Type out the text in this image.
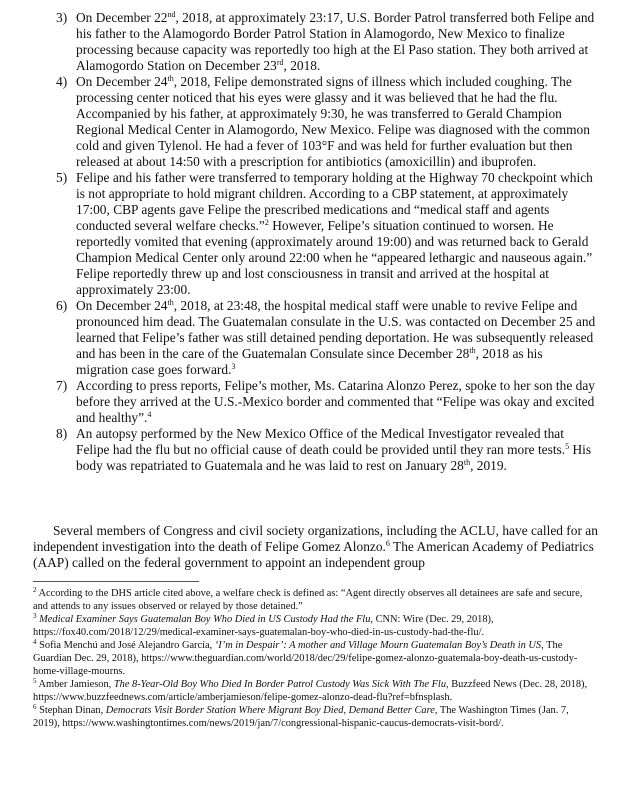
3) On December 22nd, 2018, at approximately 23:17, U.S. Border Patrol transferred both Felipe and his father to the Alamogordo Border Patrol Station in Alamogordo, New Mexico to finalize processing because capacity was reportedly too high at the El Paso station. They both arrived at Alamogordo Station on December 23rd, 2018.
4) On December 24th, 2018, Felipe demonstrated signs of illness which included coughing. The processing center noticed that his eyes were glassy and it was believed that he had the flu. Accompanied by his father, at approximately 9:30, he was transferred to Gerald Champion Regional Medical Center in Alamogordo, New Mexico. Felipe was diagnosed with the common cold and given Tylenol. He had a fever of 103°F and was held for further evaluation but then released at about 14:50 with a prescription for antibiotics (amoxicillin) and ibuprofen.
5) Felipe and his father were transferred to temporary holding at the Highway 70 checkpoint which is not appropriate to hold migrant children. According to a CBP statement, at approximately 17:00, CBP agents gave Felipe the prescribed medications and “medical staff and agents conducted several welfare checks.”$^2$ However, Felipe’s situation continued to worsen. He reportedly vomited that evening (approximately around 19:00) and was returned back to Gerald Champion Medical Center only around 22:00 when he “appeared lethargic and nauseous again.” Felipe reportedly threw up and lost consciousness in transit and arrived at the hospital at approximately 23:00.
6) On December 24th, 2018, at 23:48, the hospital medical staff were unable to revive Felipe and pronounced him dead. The Guatemalan consulate in the U.S. was contacted on December 25 and learned that Felipe’s father was still detained pending deportation. He was subsequently released and has been in the care of the Guatemalan Consulate since December 28th, 2018 as his migration case goes forward.$^3$
7) According to press reports, Felipe’s mother, Ms. Catarina Alonzo Perez, spoke to her son the day before they arrived at the U.S.-Mexico border and commented that “Felipe was okay and excited and healthy”.$^4$
8) An autopsy performed by the New Mexico Office of the Medical Investigator revealed that Felipe had the flu but no official cause of death could be provided until they ran more tests.$^5$ His body was repatriated to Guatemala and he was laid to rest on January 28th, 2019.

Several members of Congress and civil society organizations, including the ACLU, have called for an independent investigation into the death of Felipe Gomez Alonzo.$^6$ The American Academy of Pediatrics (AAP) called on the federal government to appoint an independent group

$^2$ According to the DHS article cited above, a welfare check is defined as: “Agent directly observes all detainees are safe and secure, and attends to any issues observed or relayed by those detained.”

$^3$ Medical Examiner Says Guatemalan Boy Who Died in US Custody Had the Flu, CNN: Wire (Dec. 29, 2018), https://fox40.com/2018/12/29/medical-examiner-says-guatemalan-boy-who-died-in-us-custody-had-the-flu/.

$^4$ Sofia Menchú and José Alejandro García, ‘I’m in Despair’: A mother and Village Mourn Guatemalan Boy’s Death in US, The Guardian Dec. 29, 2018), https://www.theguardian.com/world/2018/dec/29/felipe-gomez-alonzo-guatemala-boy-death-us-custody-home-village-mourns.

$^5$ Amber Jamieson, The 8-Year-Old Boy Who Died In Border Patrol Custody Was Sick With The Flu, Buzzfeed News (Dec. 28, 2018), https://www.buzzfeednews.com/article/amberjamieson/felipe-gomez-alonzo-dead-flu?ref=bfnsplash.

$^6$ Stephan Dinan, Democrats Visit Border Station Where Migrant Boy Died, Demand Better Care, The Washington Times (Jan. 7, 2019), https://www.washingtontimes.com/news/2019/jan/7/congressional-hispanic-caucus-democrats-visit-bord/.
